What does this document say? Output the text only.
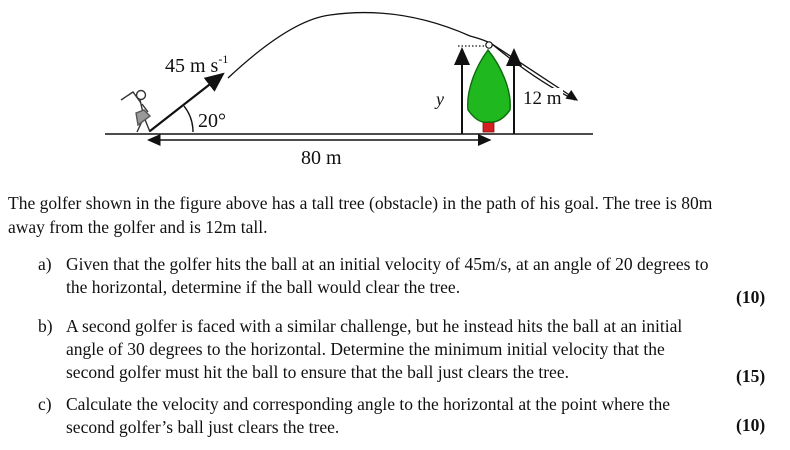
45 m $s^{-1}$
20°
y	12 m
80 m

The golfer shown in the figure above has a tall tree (obstacle) in the path of his goal. The tree is 80m away from the golfer and is 12m tall.

a) Given that the golfer hits the ball at an initial velocity of 45m/s, at an angle of 20 degrees to the horizontal, determine if the ball would clear the tree.	(10)
b) A second golfer is faced with a similar challenge, but he instead hits the ball at an initial angle of 30 degrees to the horizontal. Determine the minimum initial velocity that the second golfer must hit the ball to ensure that the ball just clears the tree.	(15)
c) Calculate the velocity and corresponding angle to the horizontal at the point where the second golfer’s ball just clears the tree.	(10)
